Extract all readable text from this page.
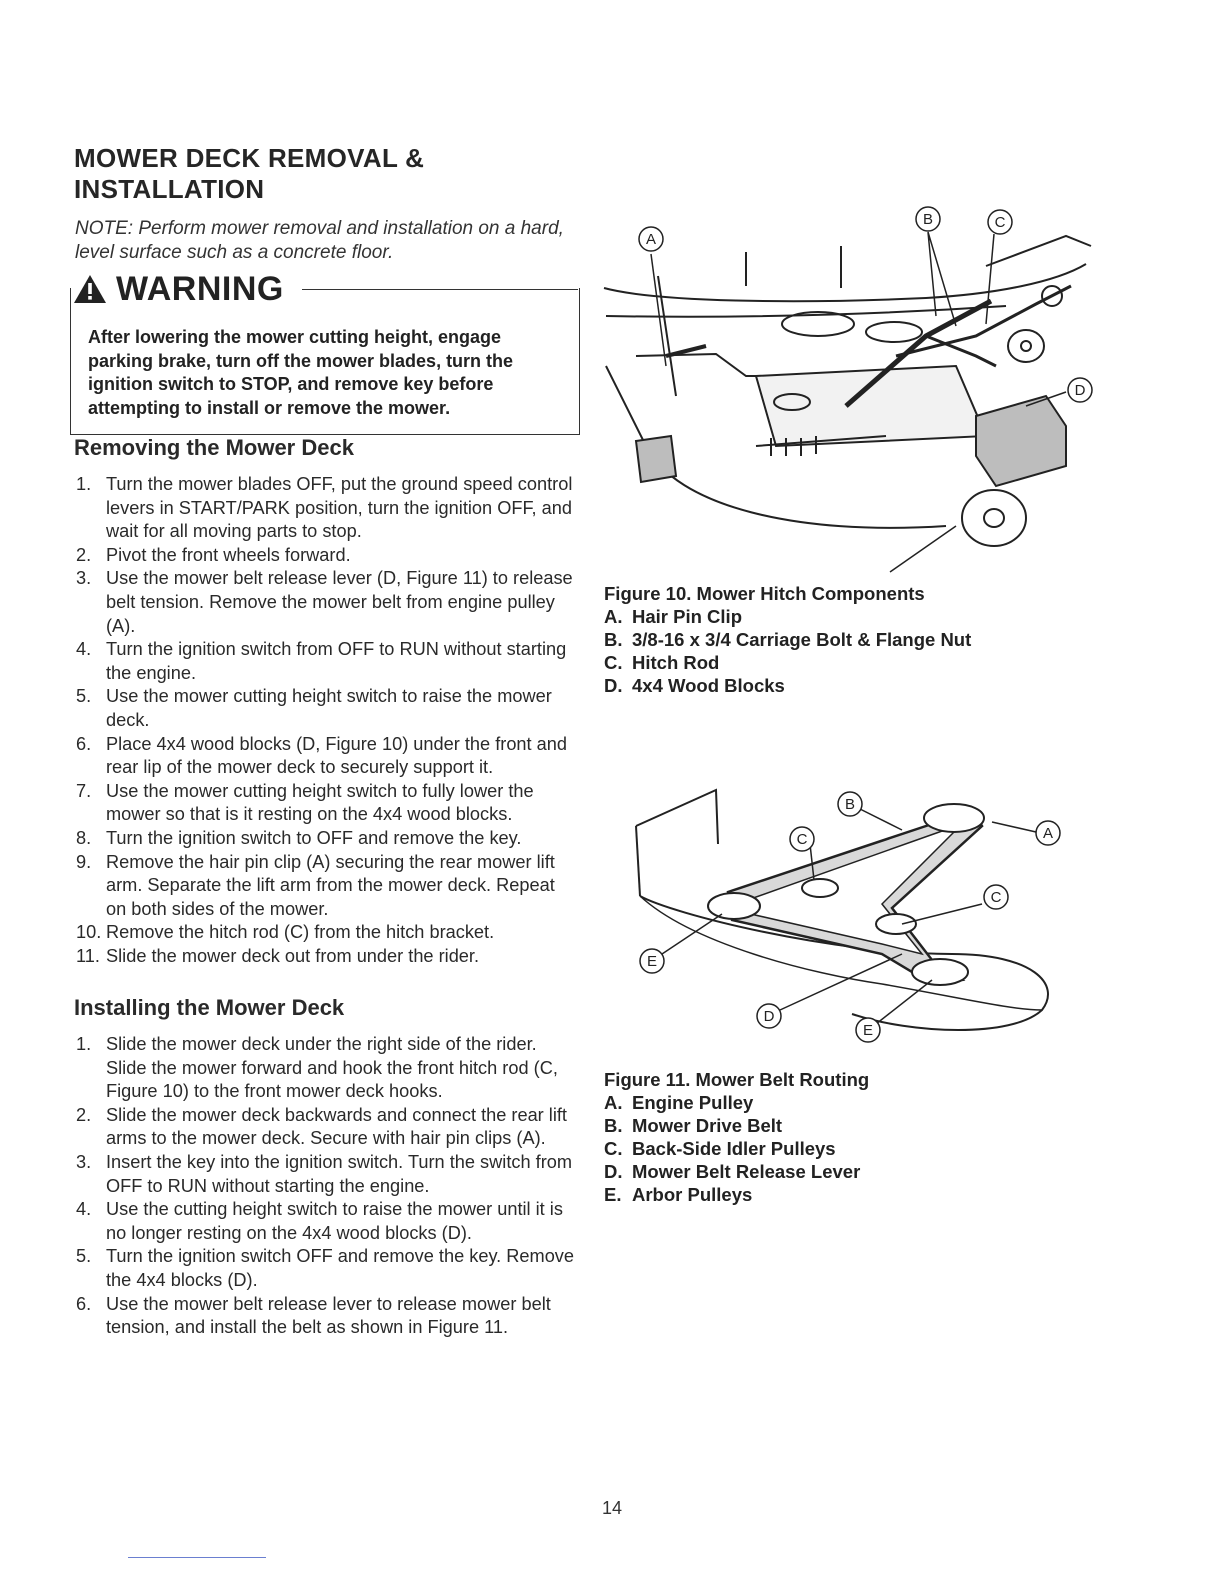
MOWER DECK REMOVAL & INSTALLATION
NOTE: Perform mower removal and installation on a hard, level surface such as a concrete floor.
WARNING
After lowering the mower cutting height, engage parking brake, turn off the mower blades, turn the ignition switch to STOP, and remove key before attempting to install or remove the mower.
Removing the Mower Deck
1. Turn the mower blades OFF, put the ground speed control levers in START/PARK position, turn the ignition OFF, and wait for all moving parts to stop.
2. Pivot the front wheels forward.
3. Use the mower belt release lever (D, Figure 11) to release belt tension. Remove the mower belt from engine pulley (A).
4. Turn the ignition switch from OFF to RUN without starting the engine.
5. Use the mower cutting height switch to raise the mower deck.
6. Place 4x4 wood blocks (D, Figure 10) under the front and rear lip of the mower deck to securely support it.
7. Use the mower cutting height switch to fully lower the mower so that is it resting on the 4x4 wood blocks.
8. Turn the ignition switch to OFF and remove the key.
9. Remove the hair pin clip (A) securing the rear mower lift arm. Separate the lift arm from the mower deck. Repeat on both sides of the mower.
10. Remove the hitch rod (C) from the hitch bracket.
11. Slide the mower deck out from under the rider.
Installing the Mower Deck
1. Slide the mower deck under the right side of the rider. Slide the mower forward and hook the front hitch rod (C, Figure 10) to the front mower deck hooks.
2. Slide the mower deck backwards and connect the rear lift arms to the mower deck. Secure with hair pin clips (A).
3. Insert the key into the ignition switch. Turn the switch from OFF to RUN without starting the engine.
4. Use the cutting height switch to raise the mower until it is no longer resting on the 4x4 wood blocks (D).
5. Turn the ignition switch OFF and remove the key. Remove the 4x4 blocks (D).
6. Use the mower belt release lever to release mower belt tension, and install the belt as shown in Figure 11.
A
B	C
D
Figure 10. Mower Hitch Components
A. Hair Pin Clip
B. 3/8-16 x 3/4 Carriage Bolt & Flange Nut
C. Hitch Rod
D. 4x4 Wood Blocks
B
A
C
C
E
D
E
Figure 11. Mower Belt Routing
A. Engine Pulley
B. Mower Drive Belt
C. Back-Side Idler Pulleys
D. Mower Belt Release Lever
E. Arbor Pulleys
14
